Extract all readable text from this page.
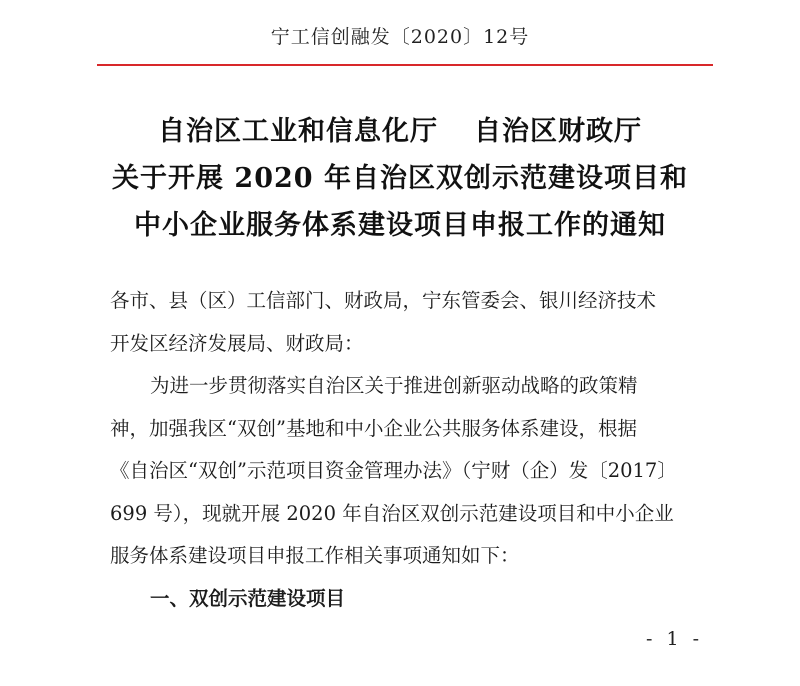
宁工信创融发〔2020〕12号
自治区工业和信息化厅 自治区财政厅
关于开展 2020 年自治区双创示范建设项目和
中小企业服务体系建设项目申报工作的通知
各市、县（区）工信部门、财政局，宁东管委会、银川经济技术
开发区经济发展局、财政局：
为进一步贯彻落实自治区关于推进创新驱动战略的政策精
神，加强我区“双创”基地和中小企业公共服务体系建设，根据
《自治区“双创”示范项目资金管理办法》（宁财（企）发〔2017〕
699 号），现就开展 2020 年自治区双创示范建设项目和中小企业
服务体系建设项目申报工作相关事项通知如下：
一、双创示范建设项目
- 1 -
